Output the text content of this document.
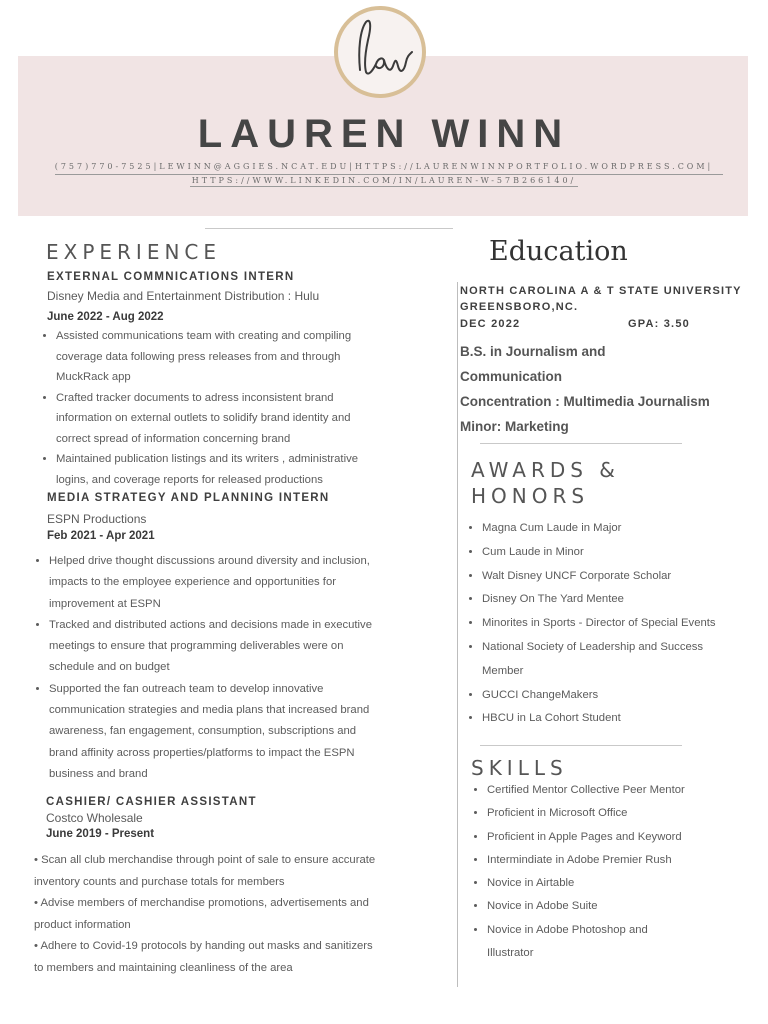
LAUREN WINN
(757)770-7525|LEWINN@AGGIES.NCAT.EDU|HTTPS://LAURENWINNPORTFOLIO.WORDPRESS.COM|
HTTPS://WWW.LINKEDIN.COM/IN/LAUREN-W-57B266140/
EXPERIENCE
EXTERNAL COMMNICATIONS INTERN
Disney Media and Entertainment Distribution : Hulu
June 2022 - Aug 2022
• Assisted communications team with creating and compiling
coverage data following press releases from and through
MuckRack app
• Crafted tracker documents to adress inconsistent brand
information on external outlets to solidify brand identity and
correct spread of information concerning brand
• Maintained publication listings and its writers , administrative
logins, and coverage reports for released productions
MEDIA STRATEGY AND PLANNING INTERN
ESPN Productions
Feb 2021 - Apr 2021
• Helped drive thought discussions around diversity and inclusion,
impacts to the employee experience and opportunities for
improvement at ESPN
• Tracked and distributed actions and decisions made in executive
meetings to ensure that programming deliverables were on
schedule and on budget
• Supported the fan outreach team to develop innovative
communication strategies and media plans that increased brand
awareness, fan engagement, consumption, subscriptions and
brand affinity across properties/platforms to impact the ESPN
business and brand
CASHIER/ CASHIER ASSISTANT
Costco Wholesale
June 2019 - Present
• Scan all club merchandise through point of sale to ensure accurate
inventory counts and purchase totals for members
• Advise members of merchandise promotions, advertisements and
product information
• Adhere to Covid-19 protocols by handing out masks and sanitizers
to members and maintaining cleanliness of the area
Education
NORTH CAROLINA A & T STATE UNIVERSITY
GREENSBORO,NC.
DEC 2022	GPA: 3.50
B.S. in Journalism and
Communication
Concentration : Multimedia Journalism
Minor: Marketing
AWARDS &
HONORS
• Magna Cum Laude in Major
• Cum Laude in Minor
• Walt Disney UNCF Corporate Scholar
• Disney On The Yard Mentee
• Minorites in Sports - Director of Special Events
• National Society of Leadership and Success
Member
• GUCCI ChangeMakers
• HBCU in La Cohort Student
SKILLS
• Certified Mentor Collective Peer Mentor
• Proficient in Microsoft Office
• Proficient in Apple Pages and Keyword
• Intermindiate in Adobe Premier Rush
• Novice in Airtable
• Novice in Adobe Suite
• Novice in Adobe Photoshop and
Illustrator
